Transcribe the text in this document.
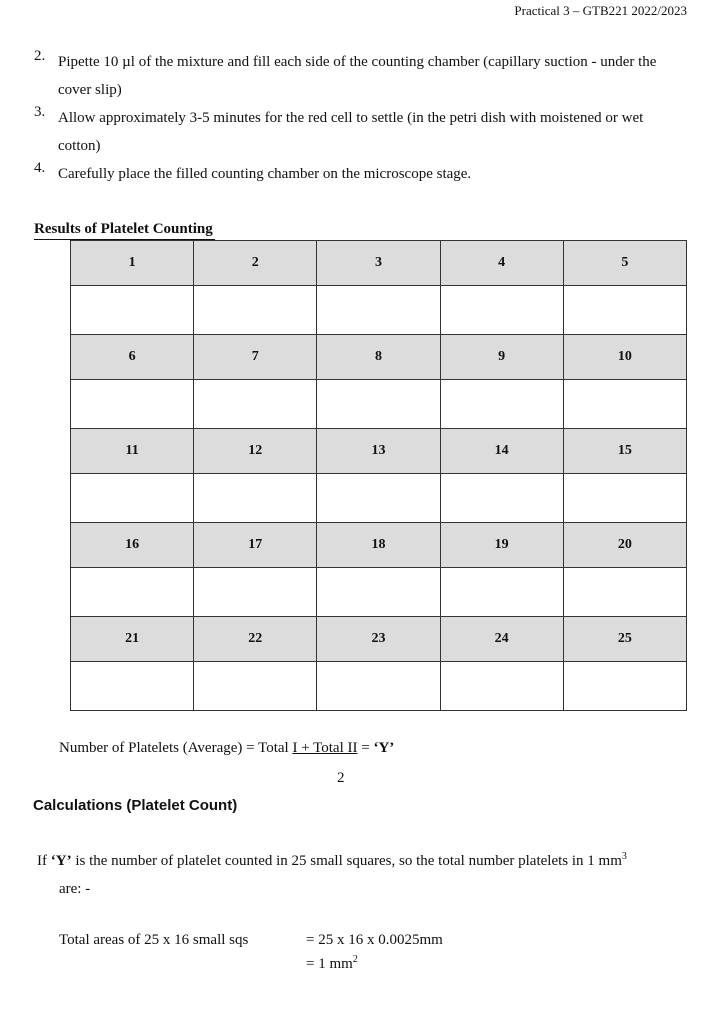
Practical 3 – GTB221 2022/2023
2. Pipette 10 µl of the mixture and fill each side of the counting chamber (capillary suction - under the cover slip)
3. Allow approximately 3-5 minutes for the red cell to settle (in the petri dish with moistened or wet cotton)
4. Carefully place the filled counting chamber on the microscope stage.
Results of Platelet Counting
1	2	3	4	5

6	7	8	9	10

11	12	13	14	15

16	17	18	19	20

21	22	23	24	25

Number of Platelets (Average) = Total I + Total II = ‘Y’
2
Calculations (Platelet Count)
If ‘Y’ is the number of platelet counted in 25 small squares, so the total number platelets in 1 $mm^3$
are: -
Total areas of 25 x 16 small sqs	= 25 x 16 x 0.0025mm
= 1 $mm^2$
